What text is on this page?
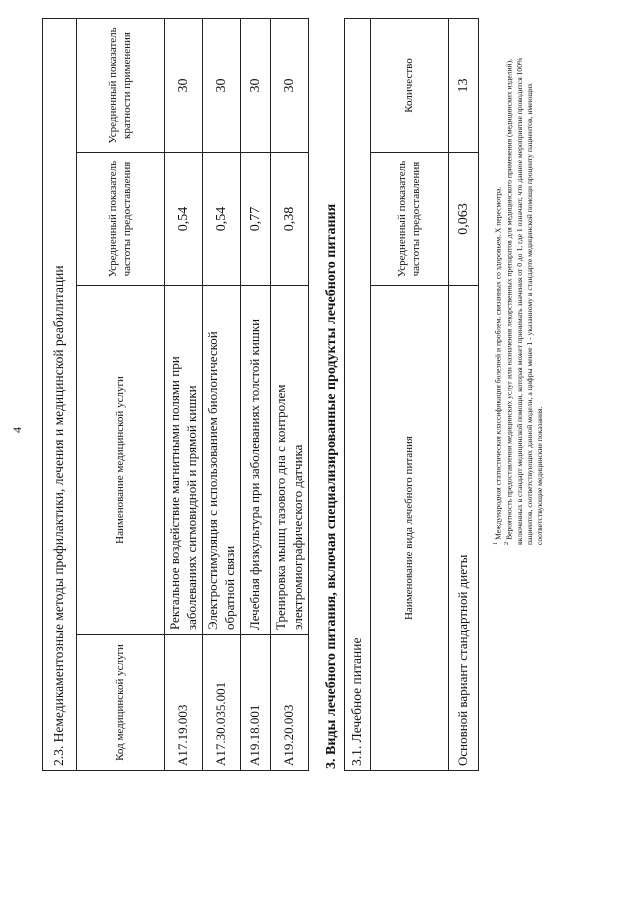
4 2.3. Немедикаментозные методы профилактики, лечения и медицинской реабилитации			
Код медицинской услуги	Наименование медицинской услуги	Усредненный показатель частоты предоставления	Усредненный показатель кратности применения
A17.19.003	Ректальное воздействие магнитными полями при заболеваниях сигмовидной и прямой кишки	0,54	30
A17.30.035.001	Электростимуляция с использованием биологической обратной связи	0,54	30
A19.18.001	Лечебная физкультура при заболеваниях толстой кишки	0,77	30
A19.20.003	Тренировка мышц тазового дна с контролем электромиографического датчика	0,38	30
3. Виды лечебного питания, включая специализированные продукты лечебного питания 3.1. Лечебное питание		
Наименование вида лечебного питания	Усредненный показатель частоты предоставления	Количество
Основной вариант стандартной диеты	0,063	13
$^1$ Международная статистическая классификация болезней и проблем, связанных со здоровьем, X пересмотра.
$^2$ Вероятность предоставления медицинских услуг или назначения лекарственных препаратов для медицинского применения (медицинских изделий), включенных в стандарт медицинской помощи, которая может принимать значения от 0 до 1, где 1 означает, что данное мероприятие проводится 100% пациентов, соответствующих данной модели, а цифры менее 1 - указанному в стандарте медицинской помощи проценту пациентов, имеющих соответствующие медицинские показания.
